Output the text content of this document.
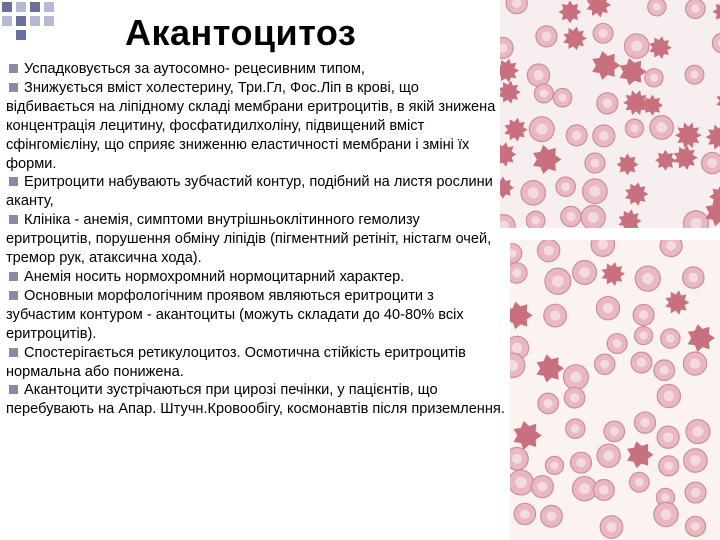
Акантоцитоз

Успадковується за аутосомно- рецесивним типом,

Знижується вміст холестерину, Три.Гл, Фос.Ліп в крові, що відбивається на ліпідному складі мембрани еритроцитів, в якій знижена концентрація лецитину, фосфатидилхоліну, підвищений вміст сфінгомієліну, що сприяє зниженню еластичності мембрани і зміні їх форми.

Еритроцити набувають зубчастий контур, подібний на листя рослини аканту,

Клініка - анемія, симптоми внутрішньоклітинного гемолизу еритроцитів, порушення обміну ліпідів (пігментний ретініт, ністагм очей, тремор рук, атаксична хода).

Анемія носить нормохромний нормоцитарний характер.

Основныи морфологічним проявом являються еритроцити з зубчастим контуром - акантоциты (можуть складати до 40-80% всіх еритроцитів).

Спостерігається ретикулоцитоз. Осмотична стійкість еритроцитів нормальна або понижена.

Акантоцити зустрічаються при цирозі печінки, у пацієнтів, що перебувають на Апар. Штучн.Кровообігу, космонавтів після приземлення.
